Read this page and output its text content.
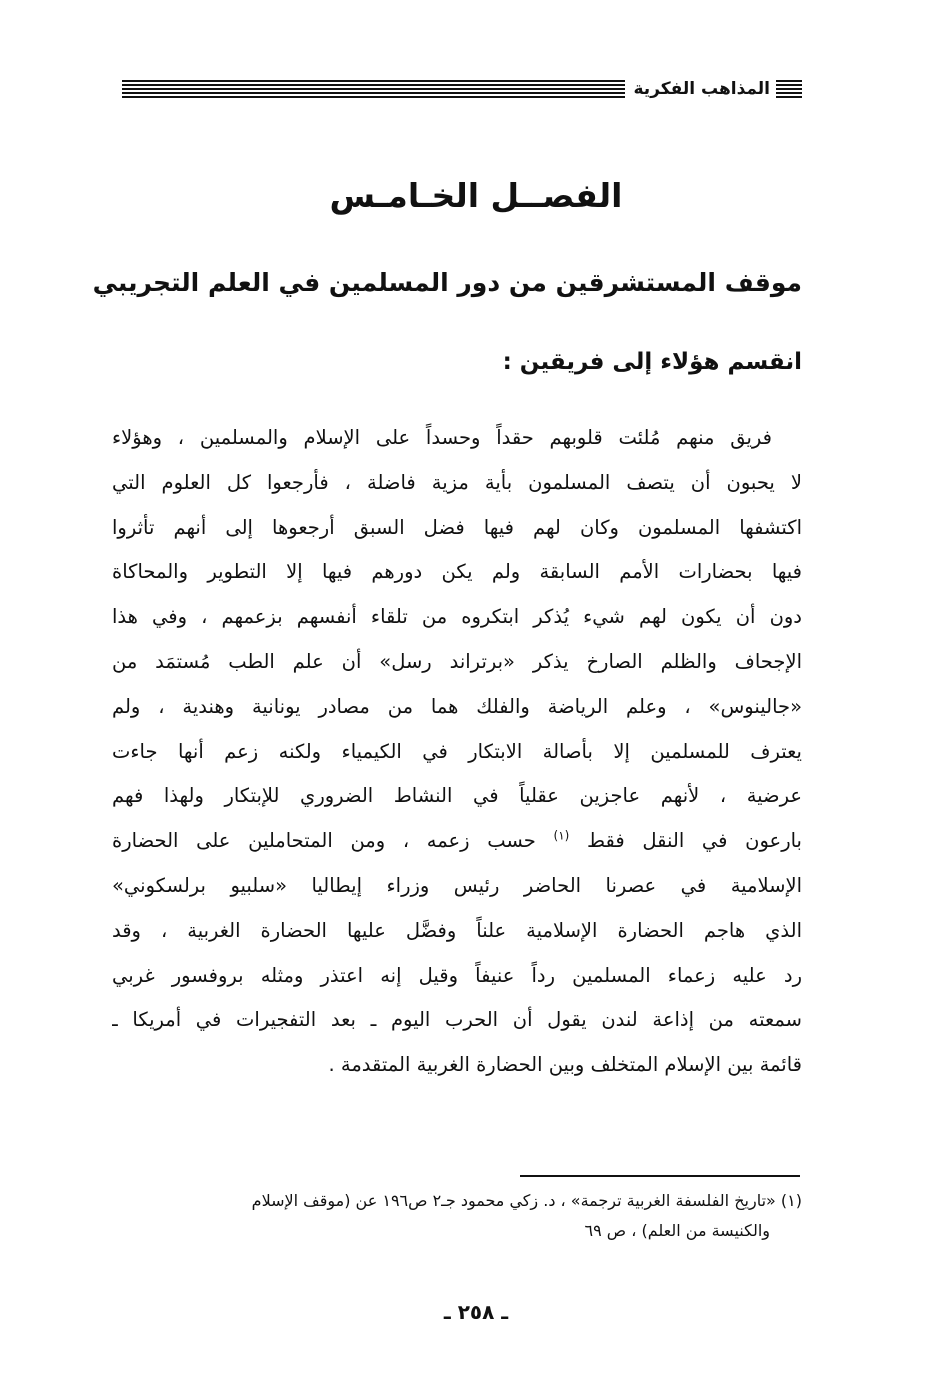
المذاهب الفكرية
الفصــل الخـامـس
موقف المستشرقين من دور المسلمين في العلم التجريبي
انقسم هؤلاء إلى فريقين :
فريق منهم مُلئت قلوبهم حقداً وحسداً على الإسلام والمسلمين ، وهؤلاء
لا يحبون أن يتصف المسلمون بأية مزية فاضلة ، فأرجعوا كل العلوم التي
اكتشفها المسلمون وكان لهم فيها فضل السبق أرجعوها إلى أنهم تأثروا
فيها بحضارات الأمم السابقة ولم يكن دورهم فيها إلا التطوير والمحاكاة
دون أن يكون لهم شيء يُذكر ابتكروه من تلقاء أنفسهم بزعمهم ، وفي هذا
الإجحاف والظلم الصارخ يذكر «برتراند رسل» أن علم الطب مُستمَد من
«جالينوس» ، وعلم الرياضة والفلك هما من مصادر يونانية وهندية ، ولم
يعترف للمسلمين إلا بأصالة الابتكار في الكيمياء ولكنه زعم أنها جاءت
عرضية ، لأنهم عاجزين عقلياً في النشاط الضروري للإبتكار ولهذا فهم
بارعون في النقل فقط $^{(١)}$ حسب زعمه ، ومن المتحاملين على الحضارة
الإسلامية في عصرنا الحاضر رئيس وزراء إيطاليا «سلبيو برلسكوني»
الذي هاجم الحضارة الإسلامية علناً وفضَّل عليها الحضارة الغربية ، وقد
رد عليه زعماء المسلمين رداً عنيفاً وقيل إنه اعتذر ومثله بروفسور غربي
سمعته من إذاعة لندن يقول أن الحرب اليوم ـ بعد التفجيرات في أمريكا ـ
قائمة بين الإسلام المتخلف وبين الحضارة الغربية المتقدمة .
(١) «تاريخ الفلسفة الغربية ترجمة» ، د. زكي محمود جـ٢ ص١٩٦ عن (موقف الإسلام
والكنيسة من العلم) ، ص ٦٩
ـ ٢٥٨ ـ
